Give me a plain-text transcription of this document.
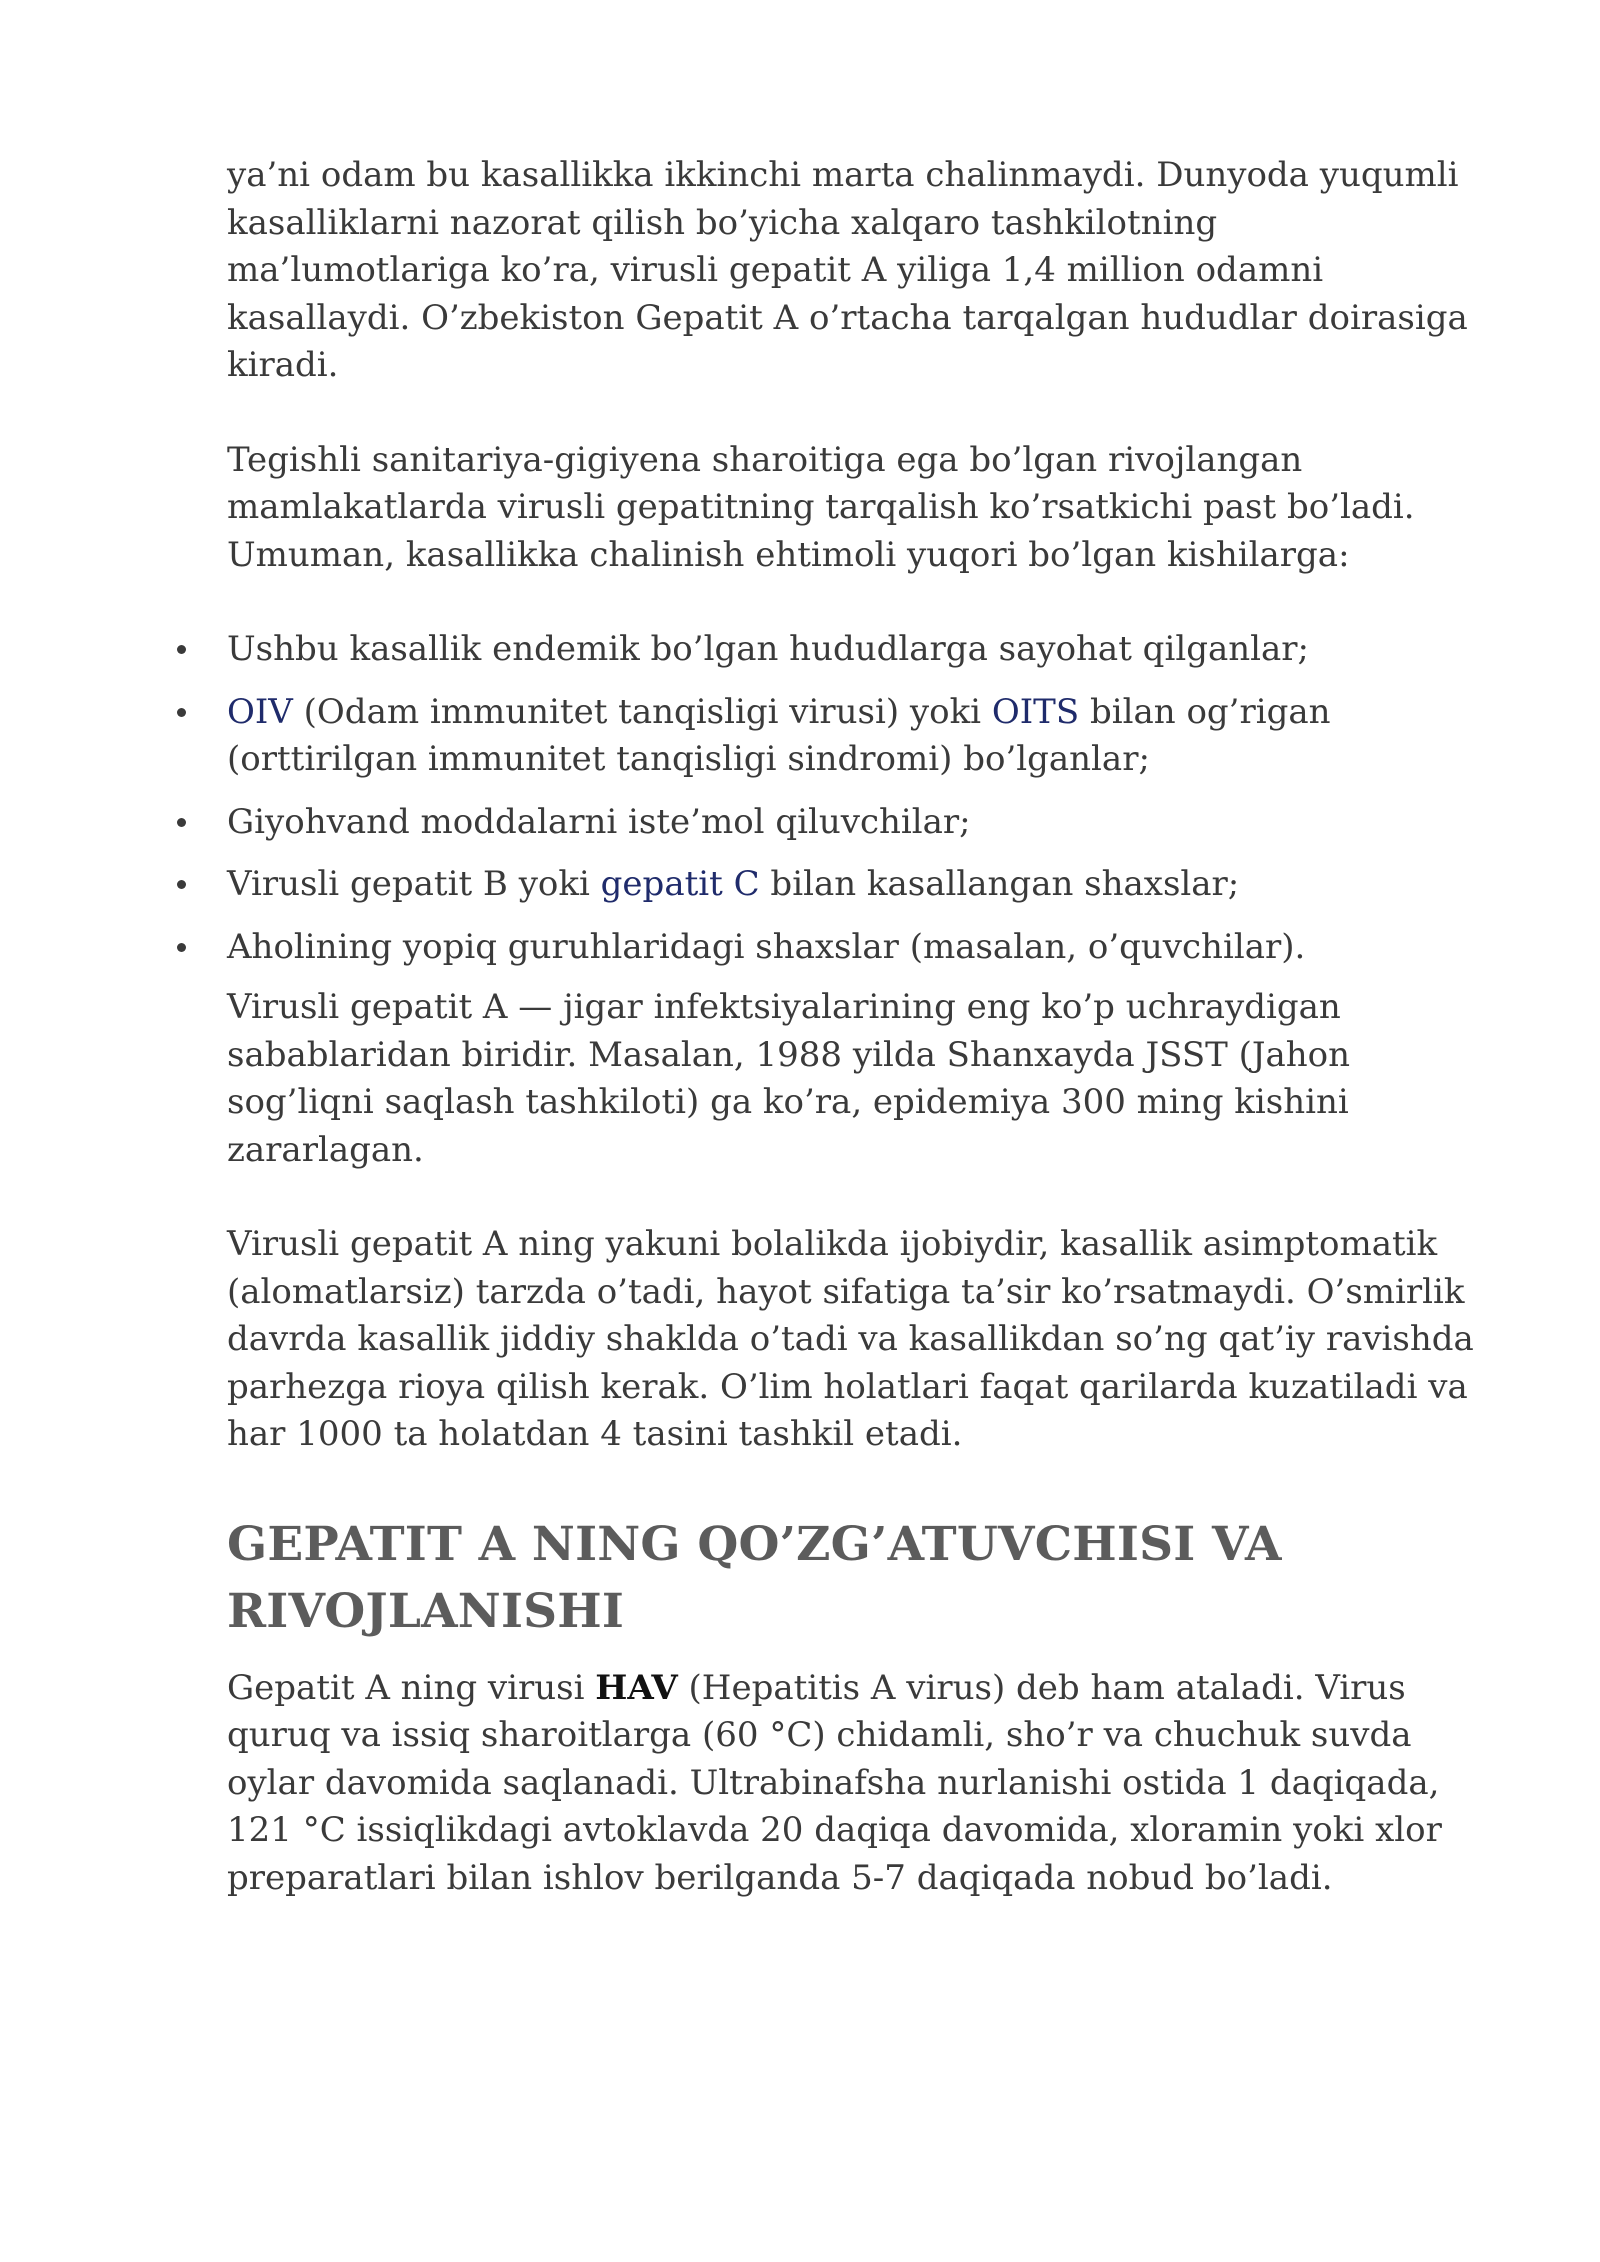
ya’ni odam bu kasallikka ikkinchi marta chalinmaydi. Dunyoda yuqumli kasalliklarni nazorat qilish bo’yicha xalqaro tashkilotning ma’lumotlariga ko’ra, virusli gepatit A yiliga 1,4 million odamni kasallaydi. O’zbekiston Gepatit A o’rtacha tarqalgan hududlar doirasiga kiradi.

Tegishli sanitariya-gigiyena sharoitiga ega bo’lgan rivojlangan mamlakatlarda virusli gepatitning tarqalish ko’rsatkichi past bo’ladi. Umuman, kasallikka chalinish ehtimoli yuqori bo’lgan kishilarga:

Ushbu kasallik endemik bo’lgan hududlarga sayohat qilganlar;
OIV (Odam immunitet tanqisligi virusi) yoki OITS bilan og’rigan (orttirilgan immunitet tanqisligi sindromi) bo’lganlar;
Giyohvand moddalarni iste’mol qiluvchilar;
Virusli gepatit B yoki gepatit C bilan kasallangan shaxslar;
Aholining yopiq guruhlaridagi shaxslar (masalan, o’quvchilar).

Virusli gepatit A — jigar infektsiyalarining eng ko’p uchraydigan sabablaridan biridir. Masalan, 1988 yilda Shanxayda JSST (Jahon sog’liqni saqlash tashkiloti) ga ko’ra, epidemiya 300 ming kishini zararlagan.

Virusli gepatit A ning yakuni bolalikda ijobiydir, kasallik asimptomatik (alomatlarsiz) tarzda o’tadi, hayot sifatiga ta’sir ko’rsatmaydi. O’smirlik davrda kasallik jiddiy shaklda o’tadi va kasallikdan so’ng qat’iy ravishda parhezga rioya qilish kerak. O’lim holatlari faqat qarilarda kuzatiladi va har 1000 ta holatdan 4 tasini tashkil etadi.

GEPATIT A NING QO’ZG’ATUVCHISI VA RIVOJLANISHI

Gepatit A ning virusi HAV (Hepatitis A virus) deb ham ataladi. Virus quruq va issiq sharoitlarga (60 °C) chidamli, sho’r va chuchuk suvda oylar davomida saqlanadi. Ultrabinafsha nurlanishi ostida 1 daqiqada, 121 °C issiqlikdagi avtoklavda 20 daqiqa davomida, xloramin yoki xlor preparatlari bilan ishlov berilganda 5-7 daqiqada nobud bo’ladi.
